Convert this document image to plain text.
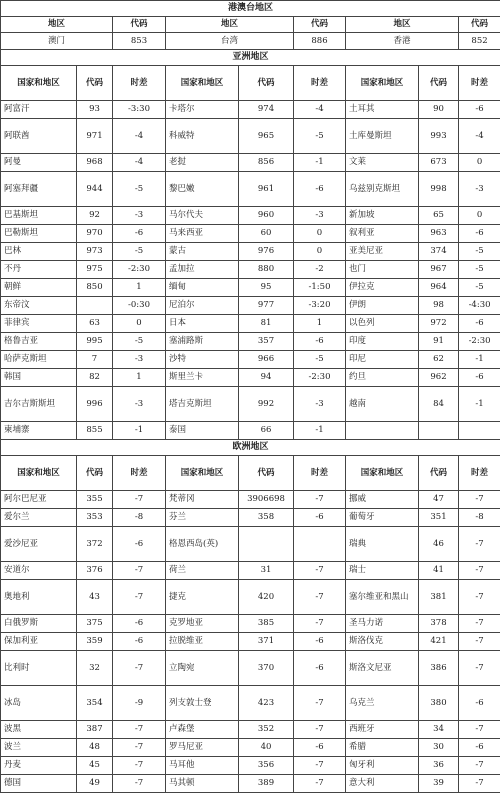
港澳台地区								
地区		代码	地区		代码	地区		代码
澳门		853	台湾		886	香港		852
亚洲地区								
国家和地区	代码	时差	国家和地区	代码	时差	国家和地区	代码	时差
阿富汗	93	-3:30	卡塔尔	974	-4	土耳其	90	-6
阿联酋	971	-4	科威特	965	-5	土库曼斯坦	993	-4
阿曼	968	-4	老挝	856	-1	文莱	673	0
阿塞拜疆	944	-5	黎巴嫩	961	-6	乌兹别克斯坦	998	-3
巴基斯坦	92	-3	马尔代夫	960	-3	新加坡	65	0
巴勒斯坦	970	-6	马来西亚	60	0	叙利亚	963	-6
巴林	973	-5	蒙古	976	0	亚美尼亚	374	-5
不丹	975	-2:30	孟加拉	880	-2	也门	967	-5
朝鲜	850	1	缅甸	95	-1:50	伊拉克	964	-5
东帝汶		-0:30	尼泊尔	977	-3:20	伊朗	98	-4:30
菲律宾	63	0	日本	81	1	以色列	972	-6
格鲁吉亚	995	-5	塞浦路斯	357	-6	印度	91	-2:30
哈萨克斯坦	7	-3	沙特	966	-5	印尼	62	-1
韩国	82	1	斯里兰卡	94	-2:30	约旦	962	-6
吉尔吉斯斯坦	996	-3	塔吉克斯坦	992	-3	越南	84	-1
柬埔寨	855	-1	泰国	66	-1			
欧洲地区								
国家和地区	代码	时差	国家和地区	代码	时差	国家和地区	代码	时差
阿尔巴尼亚	355	-7	梵蒂冈	3906698	-7	挪威	47	-7
爱尔兰	353	-8	芬兰	358	-6	葡萄牙	351	-8
爱沙尼亚	372	-6	格恩西岛(英)			瑞典	46	-7
安道尔	376	-7	荷兰	31	-7	瑞士	41	-7
奥地利	43	-7	捷克	420	-7	塞尔维亚和黑山	381	-7
白俄罗斯	375	-6	克罗地亚	385	-7	圣马力诺	378	-7
保加利亚	359	-6	拉脱维亚	371	-6	斯洛伐克	421	-7
比利时	32	-7	立陶宛	370	-6	斯洛文尼亚	386	-7
冰岛	354	-9	列支敦士登	423	-7	乌克兰	380	-6
波黑	387	-7	卢森堡	352	-7	西班牙	34	-7
波兰	48	-7	罗马尼亚	40	-6	希腊	30	-6
丹麦	45	-7	马耳他	356	-7	匈牙利	36	-7
德国	49	-7	马其顿	389	-7	意大利	39	-7
